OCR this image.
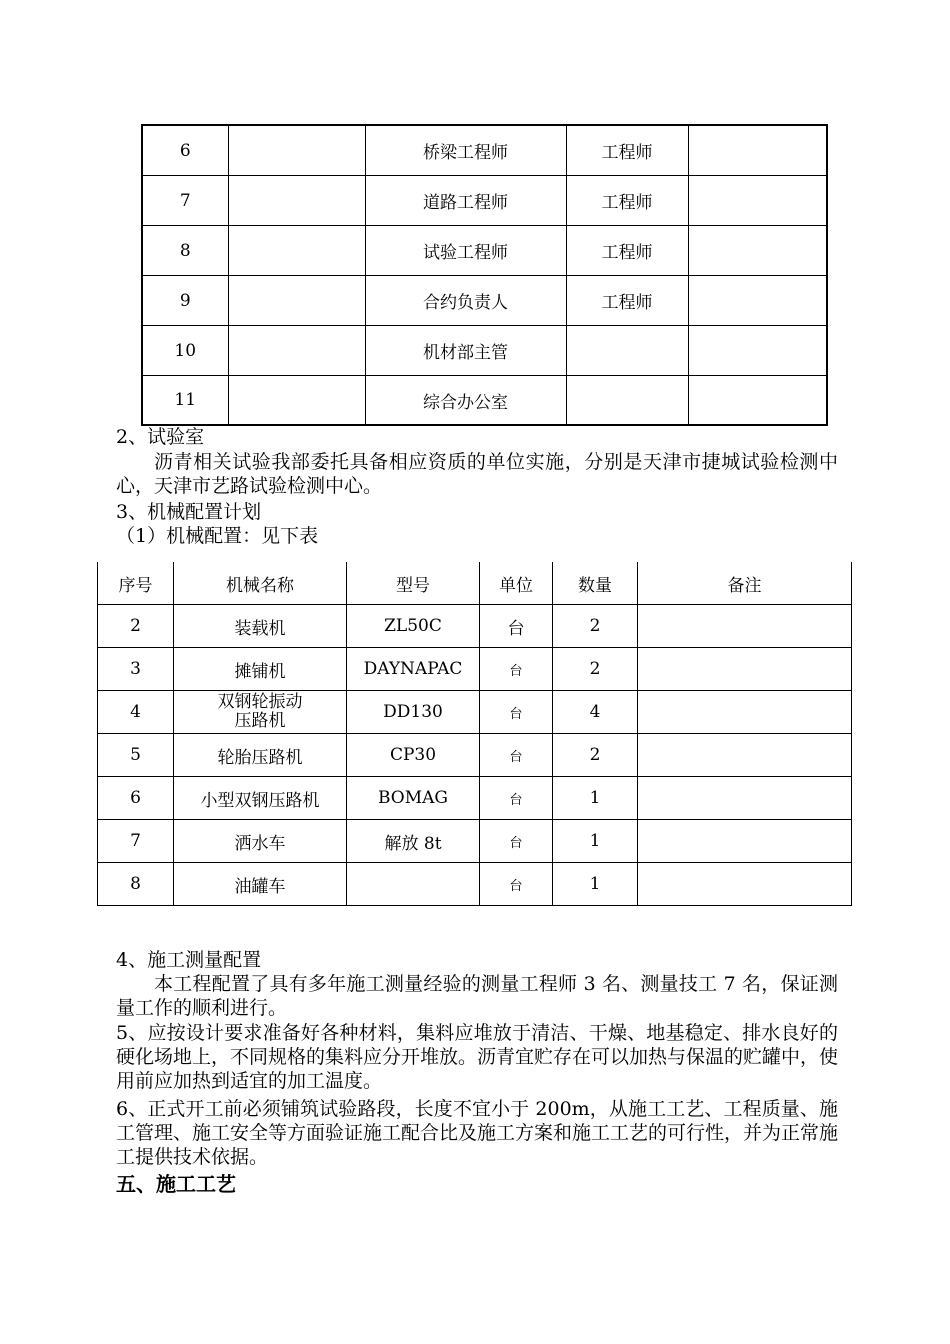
6		桥梁工程师	工程师	
7		道路工程师	工程师	
8		试验工程师	工程师	
9		合约负责人	工程师	
10		机材部主管		
11		综合办公室		

2、试验室

沥青相关试验我部委托具备相应资质的单位实施，分别是天津市捷城试验检测中心，天津市艺路试验检测中心。

3、机械配置计划

（1）机械配置：见下表

序号	机械名称	型号	单位	数量	备注
2	装载机	ZL50C	台	2	
3	摊铺机	DAYNAPAC	台	2	
4	双钢轮振动
压路机	DD130	台	4	
5	轮胎压路机	CP30	台	2	
6	小型双钢压路机	BOMAG	台	1	
7	洒水车	解放 8t	台	1	
8	油罐车		台	1	

4、施工测量配置

本工程配置了具有多年施工测量经验的测量工程师 3 名、测量技工 7 名，保证测量工作的顺利进行。

5、应按设计要求准备好各种材料，集料应堆放于清洁、干燥、地基稳定、排水良好的硬化场地上，不同规格的集料应分开堆放。沥青宜贮存在可以加热与保温的贮罐中，使用前应加热到适宜的加工温度。

6、正式开工前必须铺筑试验路段，长度不宜小于 200m，从施工工艺、工程质量、施工管理、施工安全等方面验证施工配合比及施工方案和施工工艺的可行性，并为正常施工提供技术依据。

五、施工工艺
